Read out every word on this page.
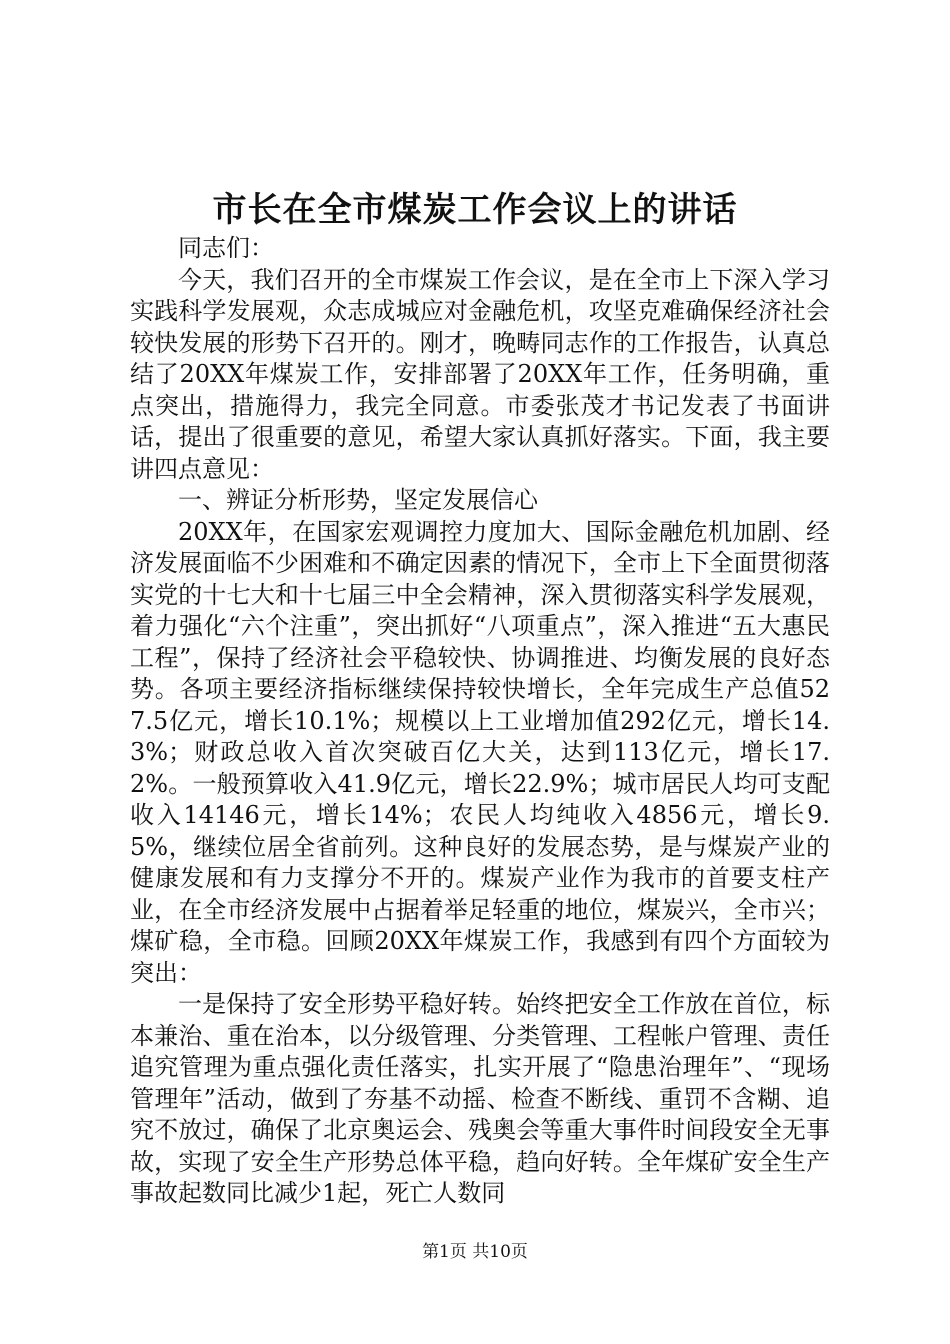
市长在全市煤炭工作会议上的讲话

同志们：

今天，我们召开的全市煤炭工作会议，是在全市上下深入学习实践科学发展观，众志成城应对金融危机，攻坚克难确保经济社会较快发展的形势下召开的。刚才，晚畴同志作的工作报告，认真总结了20XX年煤炭工作，安排部署了20XX年工作，任务明确，重点突出，措施得力，我完全同意。市委张茂才书记发表了书面讲话，提出了很重要的意见，希望大家认真抓好落实。下面，我主要讲四点意见：

一、辨证分析形势，坚定发展信心

20XX年，在国家宏观调控力度加大、国际金融危机加剧、经济发展面临不少困难和不确定因素的情况下，全市上下全面贯彻落实党的十七大和十七届三中全会精神，深入贯彻落实科学发展观，着力强化“六个注重”，突出抓好“八项重点”，深入推进“五大惠民工程”，保持了经济社会平稳较快、协调推进、均衡发展的良好态势。各项主要经济指标继续保持较快增长，全年完成生产总值527.5亿元，增长10.1%；规模以上工业增加值292亿元，增长14.3%；财政总收入首次突破百亿大关，达到113亿元，增长17.2%。一般预算收入41.9亿元，增长22.9%；城市居民人均可支配收入14146元，增长14%；农民人均纯收入4856元，增长9.5%，继续位居全省前列。这种良好的发展态势，是与煤炭产业的健康发展和有力支撑分不开的。煤炭产业作为我市的首要支柱产业，在全市经济发展中占据着举足轻重的地位，煤炭兴，全市兴；煤矿稳，全市稳。回顾20XX年煤炭工作，我感到有四个方面较为突出：

一是保持了安全形势平稳好转。始终把安全工作放在首位，标本兼治、重在治本，以分级管理、分类管理、工程帐户管理、责任追究管理为重点强化责任落实，扎实开展了“隐患治理年”、“现场管理年”活动，做到了夯基不动摇、检查不断线、重罚不含糊、追究不放过，确保了北京奥运会、残奥会等重大事件时间段安全无事故，实现了安全生产形势总体平稳，趋向好转。全年煤矿安全生产事故起数同比减少1起，死亡人数同

第1页 共10页
